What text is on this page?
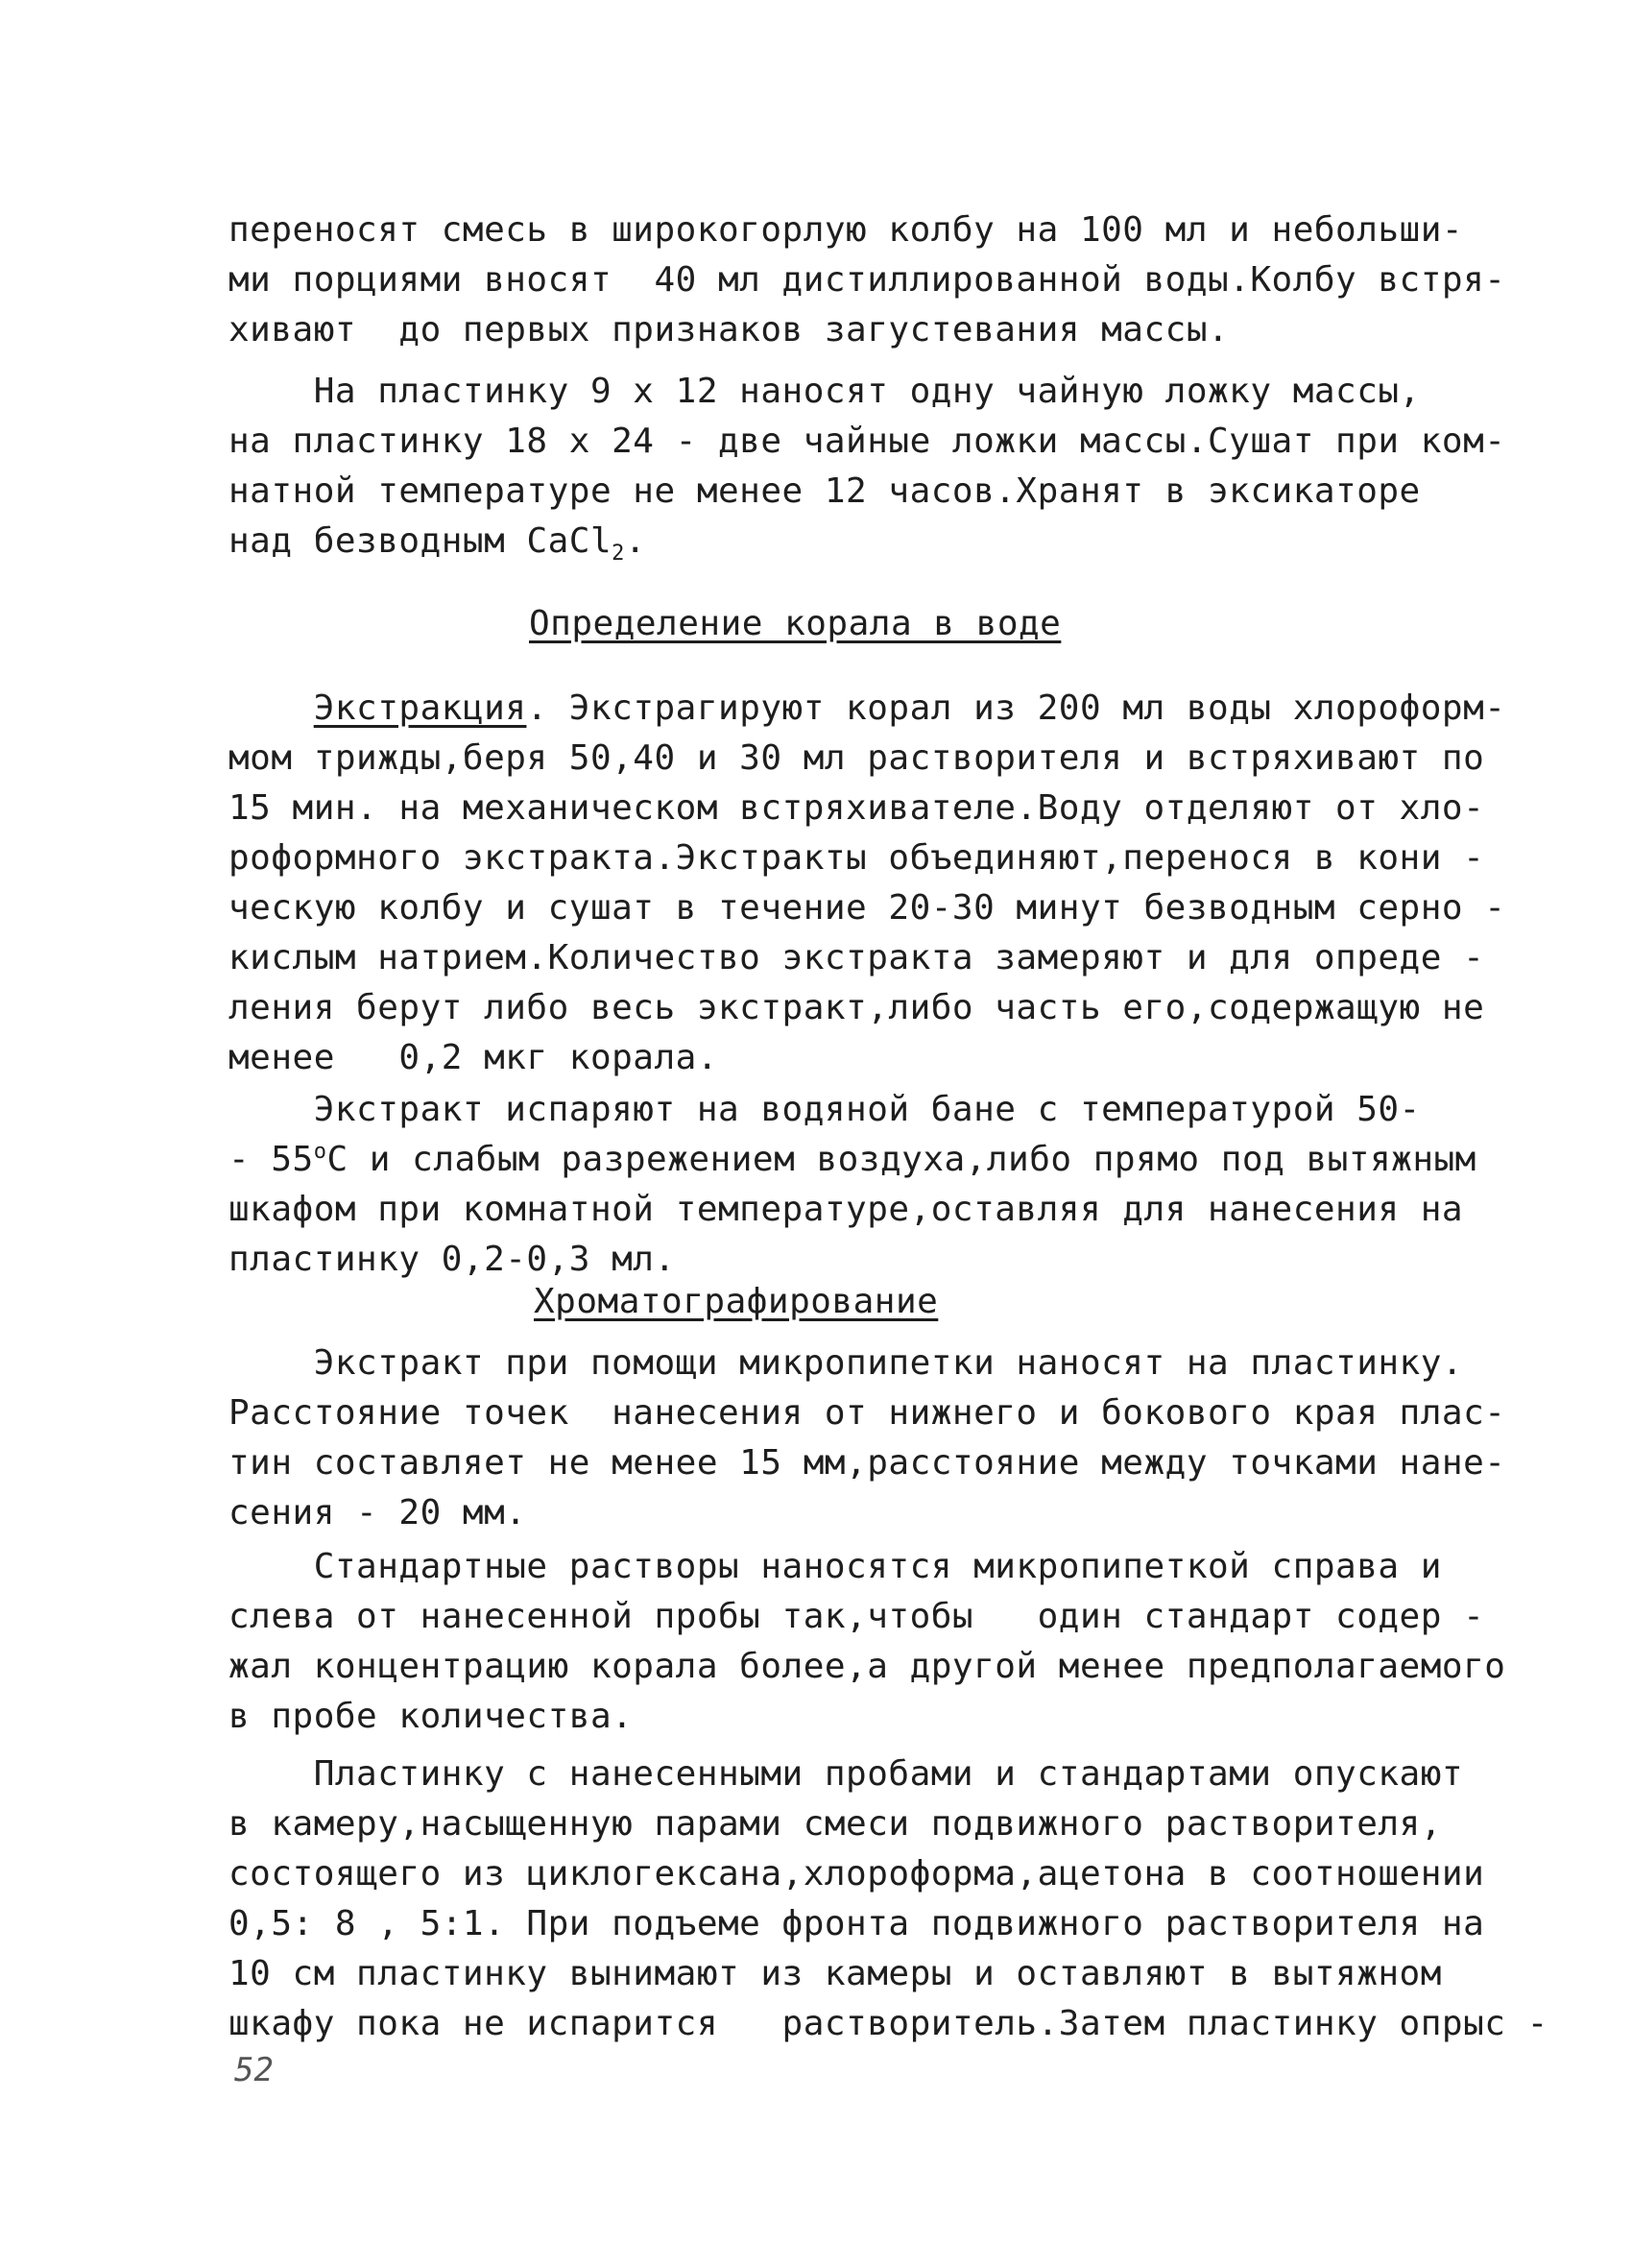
переносят смесь в широкогорлую колбу на 100 мл и небольши-
ми порциями вносят  40 мл дистиллированной воды.Колбу встря-
хивают  до первых признаков загустевания массы.
На пластинку 9 х 12 наносят одну чайную ложку массы,
на пластинку 18 х 24 - две чайные ложки массы.Сушат при ком-
натной температуре не менее 12 часов.Хранят в эксикаторе
над безводным CaCl$_2$.
Определение корала в воде
Экстракция. Экстрагируют корал из 200 мл воды хлороформ-
мом трижды,беря 50,40 и 30 мл растворителя и встряхивают по
15 мин. на механическом встряхивателе.Воду отделяют от хло-
роформного экстракта.Экстракты объединяют,перенося в кони -
ческую колбу и сушат в течение 20-30 минут безводным серно -
кислым натрием.Количество экстракта замеряют и для опреде -
ления берут либо весь экстракт,либо часть его,содержащую не
менее   0,2 мкг корала.
Экстракт испаряют на водяной бане с температурой 50-
- 55$^o$С и слабым разрежением воздуха,либо прямо под вытяжным
шкафом при комнатной температуре,оставляя для нанесения на
пластинку 0,2-0,3 мл.
Хроматографирование
Экстракт при помощи микропипетки наносят на пластинку.
Расстояние точек  нанесения от нижнего и бокового края плас-
тин составляет не менее 15 мм,расстояние между точками нане-
сения - 20 мм.
Стандартные растворы наносятся микропипеткой справа и
слева от нанесенной пробы так,чтобы   один стандарт содер -
жал концентрацию корала более,а другой менее предполагаемого
в пробе количества.
Пластинку с нанесенными пробами и стандартами опускают
в камеру,насыщенную парами смеси подвижного растворителя,
состоящего из циклогексана,хлороформа,ацетона в соотношении
0,5: 8 , 5:1. При подъеме фронта подвижного растворителя на
10 см пластинку вынимают из камеры и оставляют в вытяжном
шкафу пока не испарится   растворитель.Затем пластинку опрыс -
52
